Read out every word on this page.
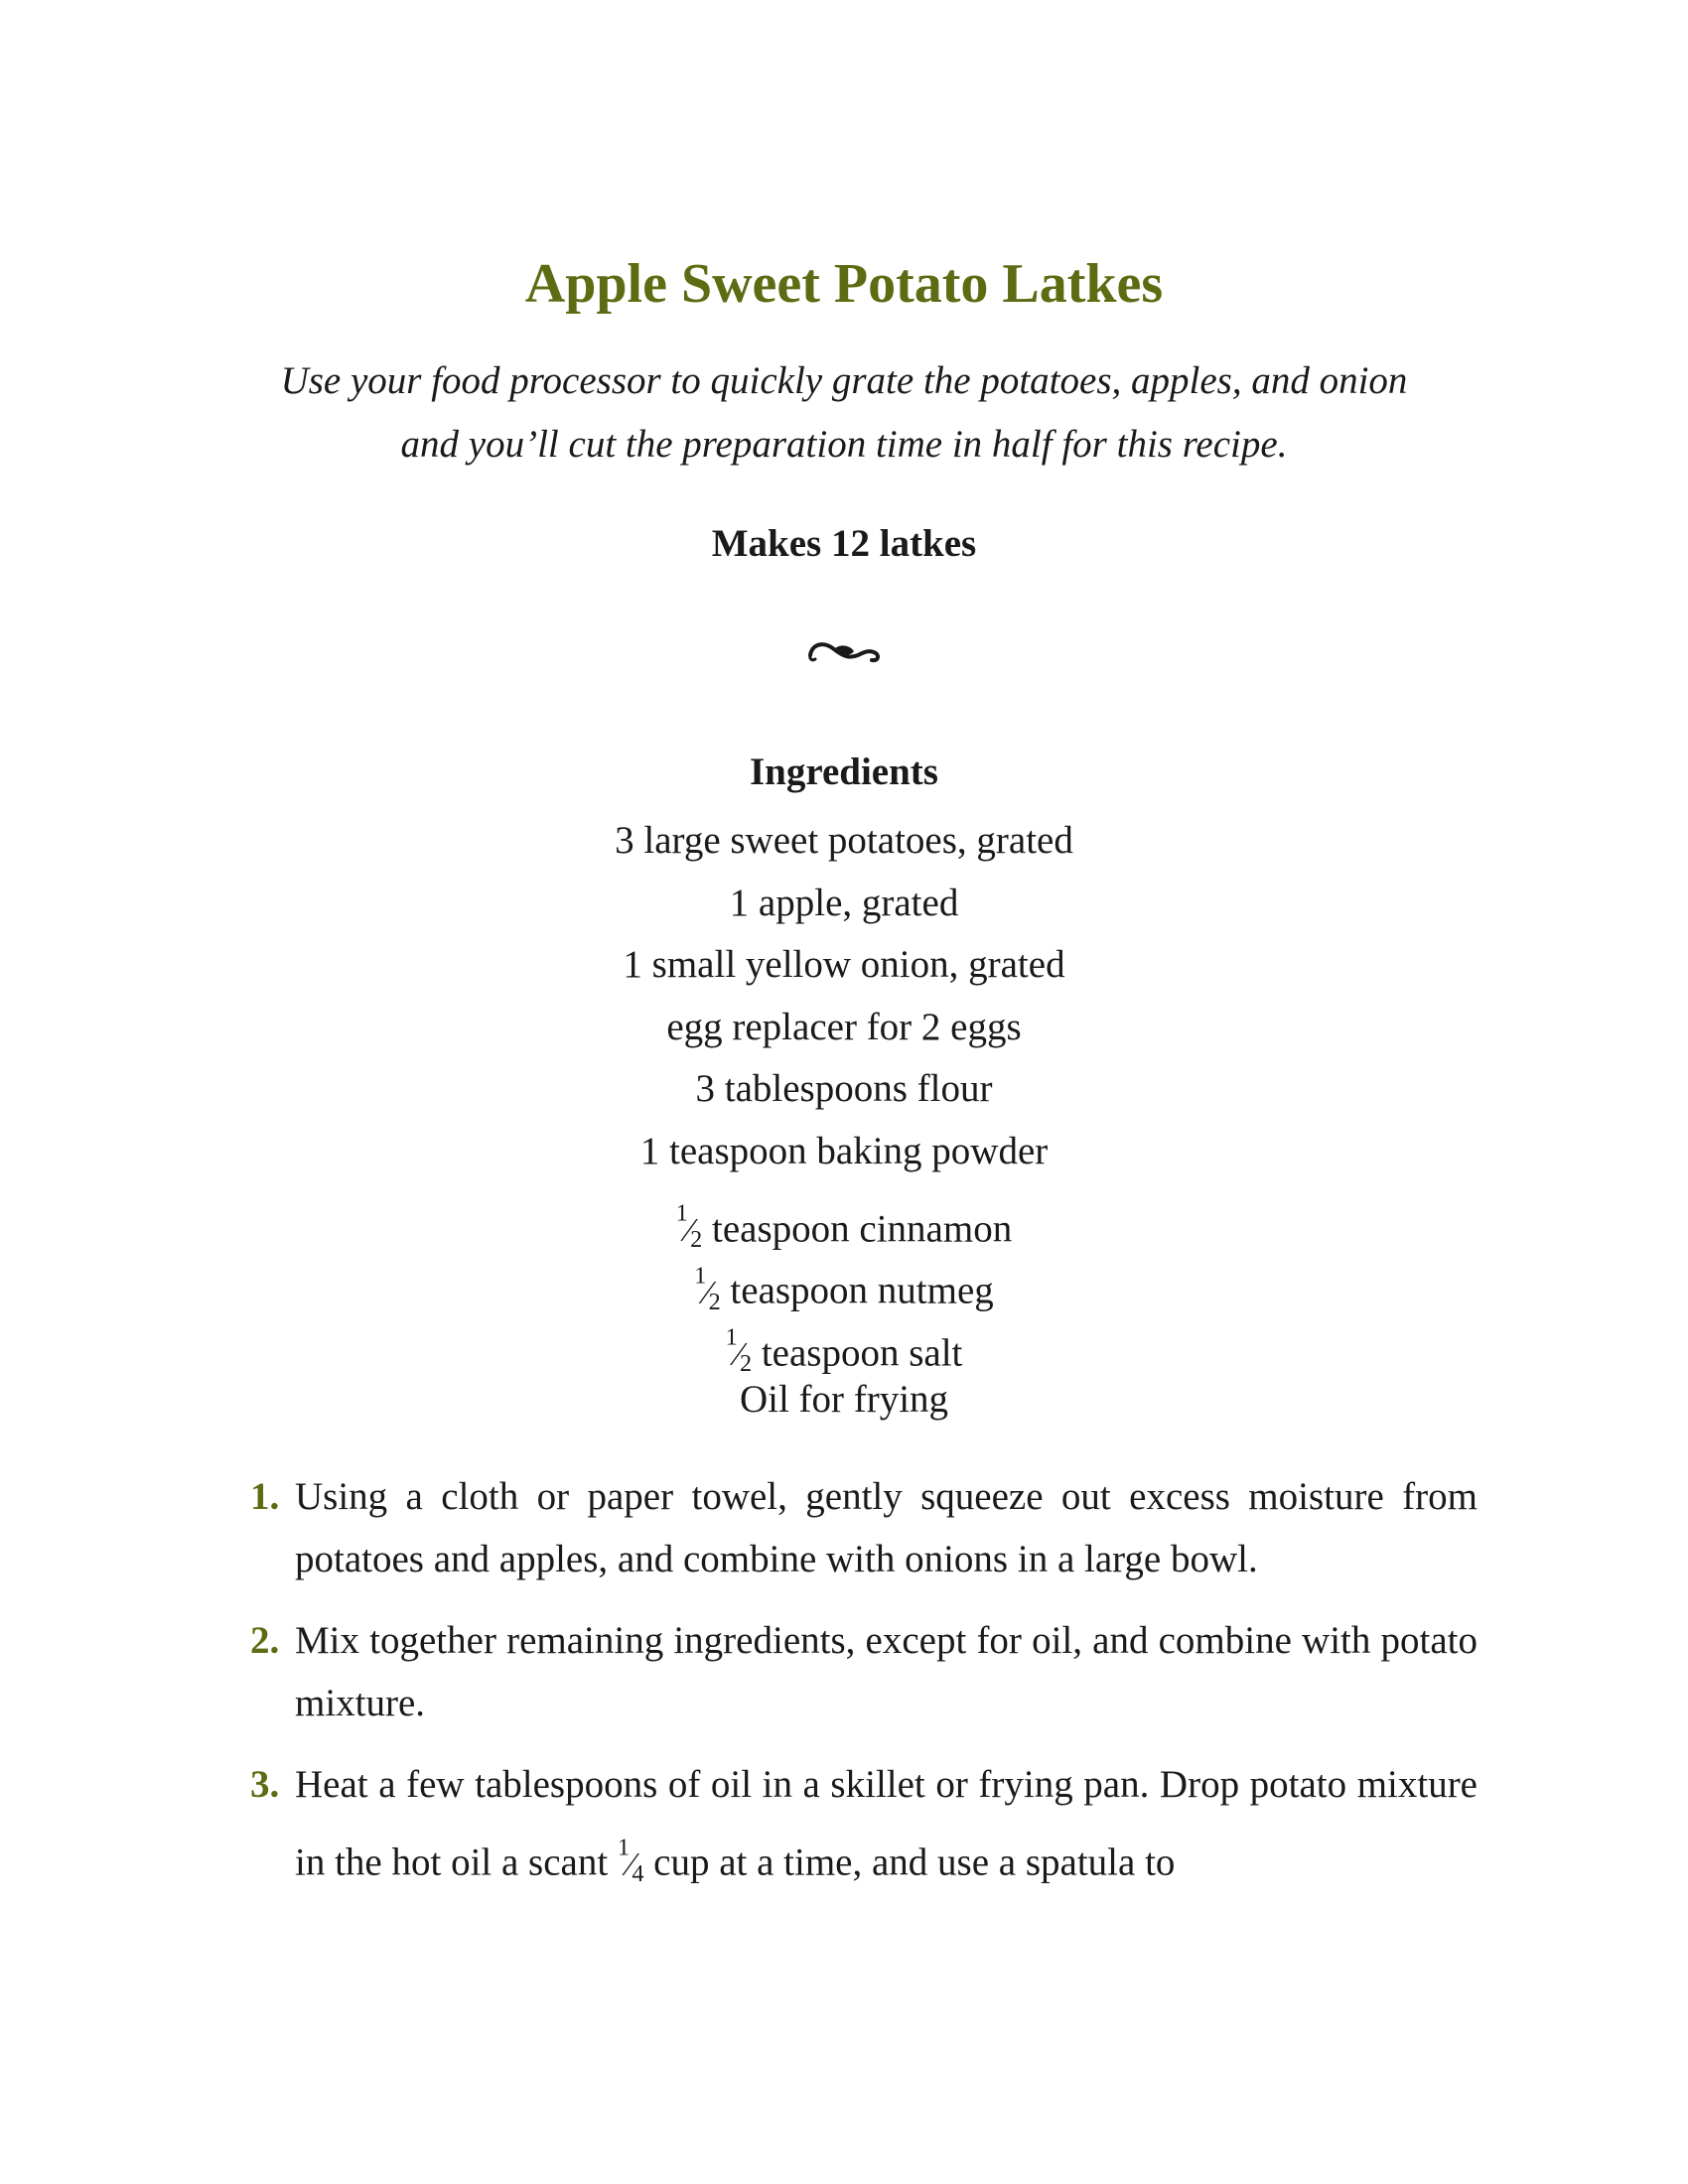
Apple Sweet Potato Latkes
Use your food processor to quickly grate the potatoes, apples, and onion
and you’ll cut the preparation time in half for this recipe.
Makes 12 latkes
Ingredients
3 large sweet potatoes, grated
1 apple, grated
1 small yellow onion, grated
egg replacer for 2 eggs
3 tablespoons flour
1 teaspoon baking powder
1⁄2 teaspoon cinnamon
1⁄2 teaspoon nutmeg
1⁄2 teaspoon salt
Oil for frying
1. Using a cloth or paper towel, gently squeeze out excess moisture from potatoes and apples, and combine with onions in a large bowl.
2. Mix together remaining ingredients, except for oil, and combine with potato mixture.
3. Heat a few tablespoons of oil in a skillet or frying pan. Drop potato mixture in the hot oil a scant 1⁄4 cup at a time, and use a spatula to
